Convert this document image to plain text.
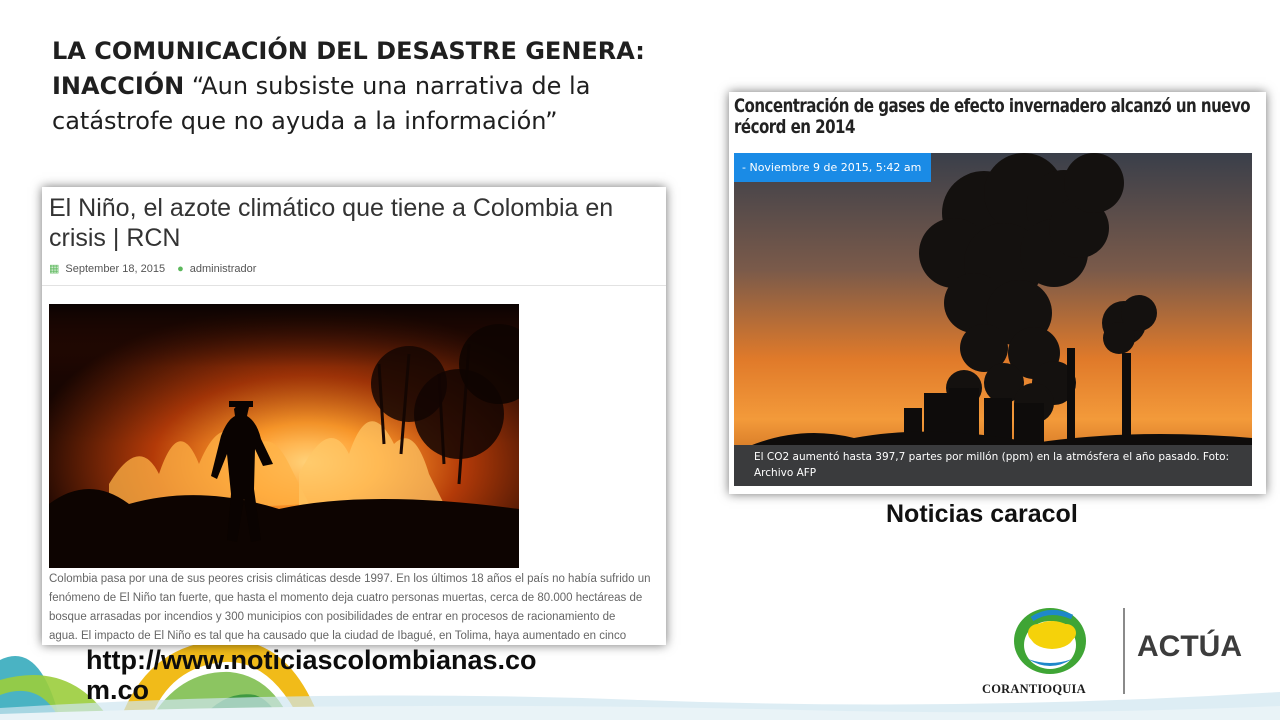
LA COMUNICACIÓN DEL DESASTRE GENERA: INACCIÓN “Aun subsiste una narrativa de la catástrofe que no ayuda a la información”
El Niño, el azote climático que tiene a Colombia en crisis | RCN
▦ September 18, 2015 ● administrador
Colombia pasa por una de sus peores crisis climáticas desde 1997. En los últimos 18 años el país no había sufrido un
fenómeno de El Niño tan fuerte, que hasta el momento deja cuatro personas muertas, cerca de 80.000 hectáreas de
bosque arrasadas por incendios y 300 municipios con posibilidades de entrar en procesos de racionamiento de
agua. El impacto de El Niño es tal que ha causado que la ciudad de Ibagué, en Tolima, haya aumentado en cinco
http://www.noticiascolombianas.com.co
Concentración de gases de efecto invernadero alcanzó un nuevo récord en 2014
- Noviembre 9 de 2015, 5:42 am
El CO2 aumentó hasta 397,7 partes por millón (ppm) en la atmósfera el año pasado. Foto: Archivo AFP
Noticias caracol
CORANTIOQUIA
ACTÚA
